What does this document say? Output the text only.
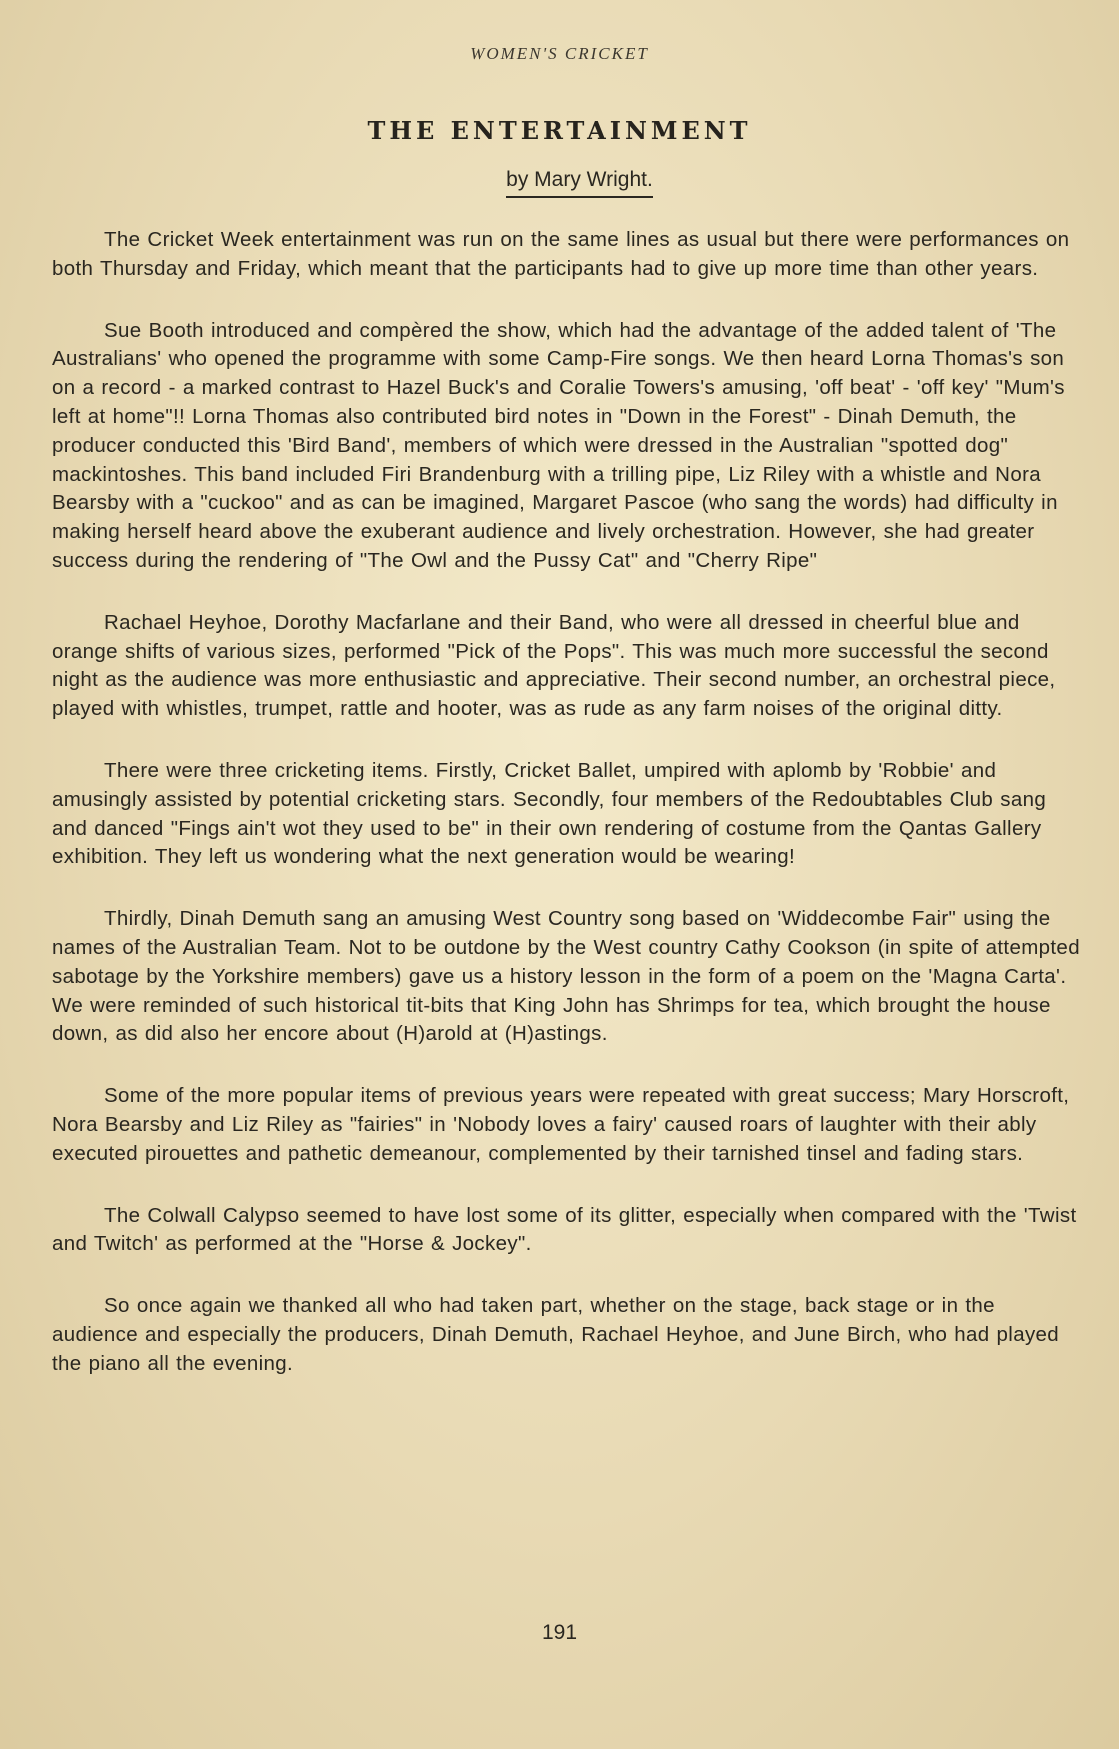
WOMEN'S CRICKET
THE ENTERTAINMENT
by Mary Wright.

The Cricket Week entertainment was run on the same lines as usual but there were performances on both Thursday and Friday, which meant that the participants had to give up more time than other years.

Sue Booth introduced and compèred the show, which had the advantage of the added talent of 'The Australians' who opened the programme with some Camp-Fire songs. We then heard Lorna Thomas's son on a record - a marked contrast to Hazel Buck's and Coralie Towers's amusing, 'off beat' - 'off key' "Mum's left at home"!! Lorna Thomas also contributed bird notes in "Down in the Forest" - Dinah Demuth, the producer conducted this 'Bird Band', members of which were dressed in the Australian "spotted dog" mackintoshes. This band included Firi Brandenburg with a trilling pipe, Liz Riley with a whistle and Nora Bearsby with a "cuckoo" and as can be imagined, Margaret Pascoe (who sang the words) had difficulty in making herself heard above the exuberant audience and lively orchestration. However, she had greater success during the rendering of "The Owl and the Pussy Cat" and "Cherry Ripe"

Rachael Heyhoe, Dorothy Macfarlane and their Band, who were all dressed in cheerful blue and orange shifts of various sizes, performed "Pick of the Pops". This was much more successful the second night as the audience was more enthusiastic and appreciative. Their second number, an orchestral piece, played with whistles, trumpet, rattle and hooter, was as rude as any farm noises of the original ditty.

There were three cricketing items. Firstly, Cricket Ballet, umpired with aplomb by 'Robbie' and amusingly assisted by potential cricketing stars. Secondly, four members of the Redoubtables Club sang and danced "Fings ain't wot they used to be" in their own rendering of costume from the Qantas Gallery exhibition. They left us wondering what the next generation would be wearing!

Thirdly, Dinah Demuth sang an amusing West Country song based on 'Widdecombe Fair" using the names of the Australian Team. Not to be outdone by the West country Cathy Cookson (in spite of attempted sabotage by the Yorkshire members) gave us a history lesson in the form of a poem on the 'Magna Carta'. We were reminded of such historical tit-bits that King John has Shrimps for tea, which brought the house down, as did also her encore about (H)arold at (H)astings.

Some of the more popular items of previous years were repeated with great success; Mary Horscroft, Nora Bearsby and Liz Riley as "fairies" in 'Nobody loves a fairy' caused roars of laughter with their ably executed pirouettes and pathetic demeanour, complemented by their tarnished tinsel and fading stars.

The Colwall Calypso seemed to have lost some of its glitter, especially when compared with the 'Twist and Twitch' as performed at the "Horse & Jockey".

So once again we thanked all who had taken part, whether on the stage, back stage or in the audience and especially the producers, Dinah Demuth, Rachael Heyhoe, and June Birch, who had played the piano all the evening.

191
